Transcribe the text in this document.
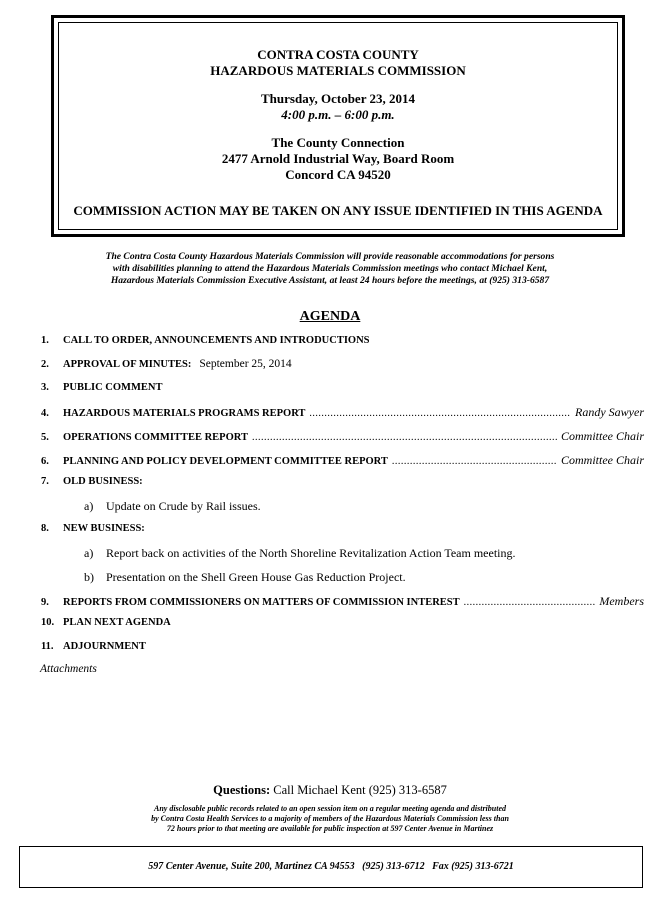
CONTRA COSTA COUNTY

HAZARDOUS MATERIALS COMMISSION

Thursday, October 23, 2014

4:00 p.m. – 6:00 p.m.

The County Connection

2477 Arnold Industrial Way, Board Room

Concord CA 94520

COMMISSION ACTION MAY BE TAKEN ON ANY ISSUE IDENTIFIED IN THIS AGENDA

The Contra Costa County Hazardous Materials Commission will provide reasonable accommodations for persons
with disabilities planning to attend the Hazardous Materials Commission meetings who contact Michael Kent,
Hazardous Materials Commission Executive Assistant, at least 24 hours before the meetings, at (925) 313-6587
AGENDA
1.	CALL TO ORDER, ANNOUNCEMENTS AND INTRODUCTIONS
2.	APPROVAL OF MINUTES: September 25, 2014
3.	PUBLIC COMMENT
4.	HAZARDOUS MATERIALS PROGRAMS REPORT .....	Randy Sawyer
5.	OPERATIONS COMMITTEE REPORT .....	Committee Chair
6.	PLANNING AND POLICY DEVELOPMENT COMMITTEE REPORT .....	Committee Chair
7.	OLD BUSINESS:
a)	Update on Crude by Rail issues.
8.	NEW BUSINESS:
a)	Report back on activities of the North Shoreline Revitalization Action Team meeting.
b)	Presentation on the Shell Green House Gas Reduction Project.
9.	REPORTS FROM COMMISSIONERS ON MATTERS OF COMMISSION INTEREST .....	Members
10. PLAN NEXT AGENDA
11. ADJOURNMENT
Attachments
Questions: Call Michael Kent (925) 313-6587
Any disclosable public records related to an open session item on a regular meeting agenda and distributed
by Contra Costa Health Services to a majority of members of the Hazardous Materials Commission less than
72 hours prior to that meeting are available for public inspection at 597 Center Avenue in Martinez
597 Center Avenue, Suite 200, Martinez CA 94553   (925) 313-6712   Fax (925) 313-6721
